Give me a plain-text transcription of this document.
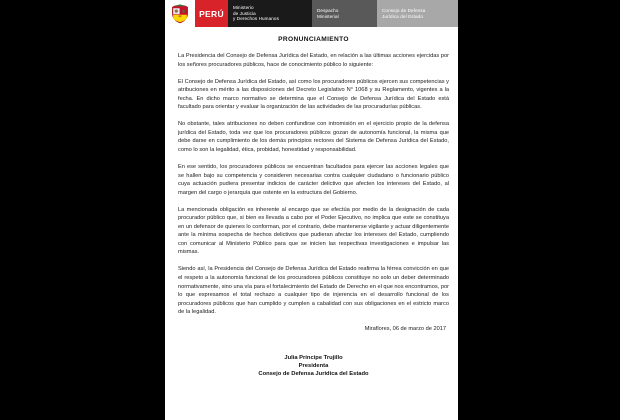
PERÚ
Ministerio
de Justicia
y Derechos Humanos
Despacho
Ministerial
Consejo de Defensa
Jurídica del Estado
PRONUNCIAMIENTO

La Presidencia del Consejo de Defensa Jurídica del Estado, en relación a las últimas acciones ejercidas por los señores procuradores públicos, hace de conocimiento público lo siguiente:

El Consejo de Defensa Jurídica del Estado, así como los procuradores públicos ejercen sus competencias y atribuciones en mérito a las disposiciones del Decreto Legislativo N° 1068 y su Reglamento, vigentes a la fecha. En dicho marco normativo se determina que el Consejo de Defensa Jurídica del Estado está facultado para orientar y evaluar la organización de las actividades de las procuradurías públicas.

No obstante, tales atribuciones no deben confundirse con intromisión en el ejercicio propio de la defensa jurídica del Estado, toda vez que los procuradores públicos gozan de autonomía funcional, la misma que debe darse en cumplimiento de los demás principios rectores del Sistema de Defensa Jurídica del Estado, como lo son la legalidad, ética, probidad, honestidad y responsabilidad.

En ese sentido, los procuradores públicos se encuentran facultados para ejercer las acciones legales que se hallen bajo su competencia y consideren necesarias contra cualquier ciudadano o funcionario público cuya actuación pudiera presentar indicios de carácter delictivo que afecten los intereses del Estado, al margen del cargo o jerarquía que ostente en la estructura del Gobierno.

La mencionada obligación es inherente al encargo que se efectúa por medio de la designación de cada procurador público que, si bien es llevada a cabo por el Poder Ejecutivo, no implica que este se constituya en un defensor de quienes lo conforman, por el contrario, debe mantenerse vigilante y actuar diligentemente ante la mínima sospecha de hechos delictivos que pudieran afectar los intereses del Estado, cumpliendo con comunicar al Ministerio Público para que se inicien las respectivas investigaciones e impulsar las mismas.

Siendo así, la Presidencia del Consejo de Defensa Jurídica del Estado reafirma la férrea convicción en que el respeto a la autonomía funcional de los procuradores públicos constituye no solo un deber determinado normativamente, sino una vía para el fortalecimiento del Estado de Derecho en el que nos encontramos, por lo que expresamos el total rechazo a cualquier tipo de injerencia en el desarrollo funcional de los procuradores públicos que han cumplido y cumplen a cabalidad con sus obligaciones en el estricto marco de la legalidad.

Miraflores, 06 de marzo de 2017
Julia Príncipe Trujillo
Presidenta
Consejo de Defensa Jurídica del Estado
